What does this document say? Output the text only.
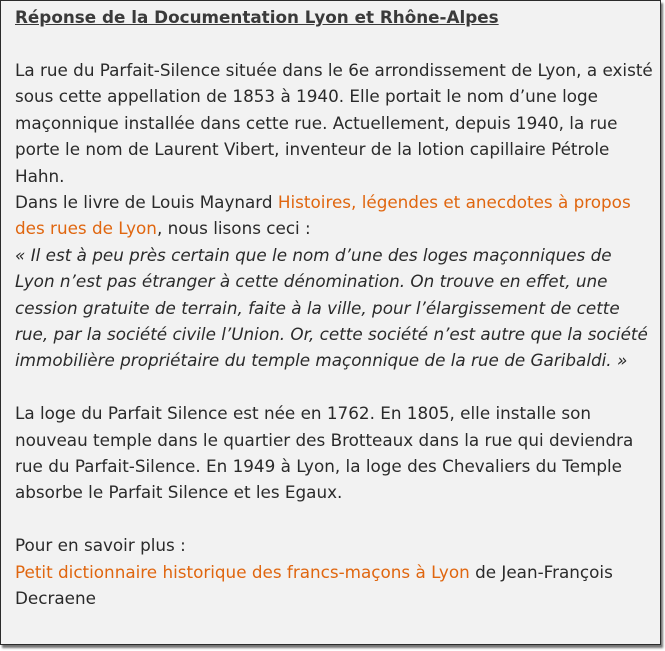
Réponse de la Documentation Lyon et Rhône-Alpes

La rue du Parfait-Silence située dans le 6e arrondissement de Lyon, a existé sous cette appellation de 1853 à 1940. Elle portait le nom d’une loge maçonnique installée dans cette rue. Actuellement, depuis 1940, la rue porte le nom de Laurent Vibert, inventeur de la lotion capillaire Pétrole Hahn.

Dans le livre de Louis Maynard Histoires, légendes et anecdotes à propos des rues de Lyon, nous lisons ceci :

« Il est à peu près certain que le nom d’une des loges maçonniques de Lyon n’est pas étranger à cette dénomination. On trouve en effet, une cession gratuite de terrain, faite à la ville, pour l’élargissement de cette rue, par la société civile l’Union. Or, cette société n’est autre que la société immobilière propriétaire du temple maçonnique de la rue de Garibaldi. »

La loge du Parfait Silence est née en 1762. En 1805, elle installe son nouveau temple dans le quartier des Brotteaux dans la rue qui deviendra rue du Parfait-Silence. En 1949 à Lyon, la loge des Chevaliers du Temple absorbe le Parfait Silence et les Egaux.

Pour en savoir plus :

Petit dictionnaire historique des francs-maçons à Lyon de Jean-François Decraene
